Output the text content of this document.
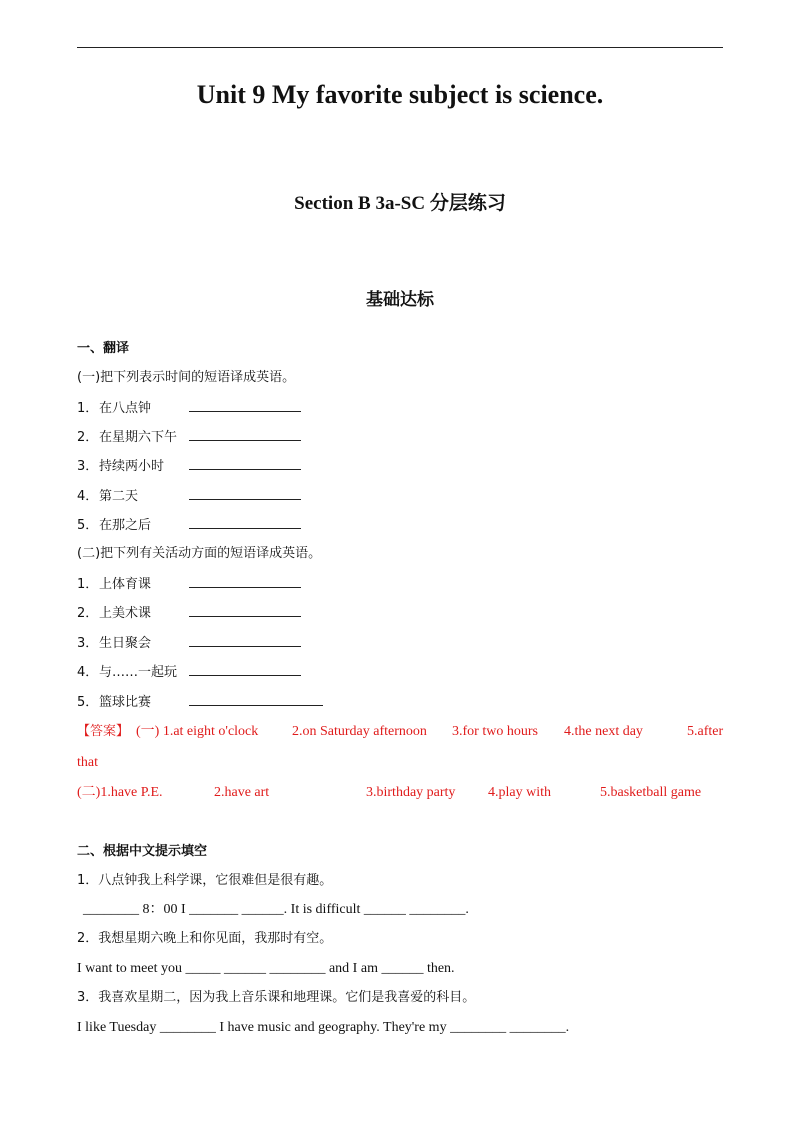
Unit 9 My favorite subject is science.
Section B 3a-SC 分层练习
基础达标
一、翻译
(一)把下列表示时间的短语译成英语。
1．在八点钟
2．在星期六下午
3．持续两小时
4．第二天
5．在那之后
(二)把下列有关活动方面的短语译成英语。
1．上体育课
2．上美术课
3．生日聚会
4．与……一起玩
5．篮球比赛
【答案】 (一) 1.at eight o'clock 2.on Saturday afternoon 3.for two hours 4.the next day	5.after
that
(二)1.have P.E.	2.have art	3.birthday party 4.play with	5.basketball game
二、根据中文提示填空
1．八点钟我上科学课，它很难但是很有趣。
________ 8：00 I _______ ______. It is difficult ______ ________.
2．我想星期六晚上和你见面，我那时有空。
I want to meet you _____ ______ ________ and I am ______ then.
3．我喜欢星期二，因为我上音乐课和地理课。它们是我喜爱的科目。
I like Tuesday ________ I have music and geography. They're my ________ ________.
